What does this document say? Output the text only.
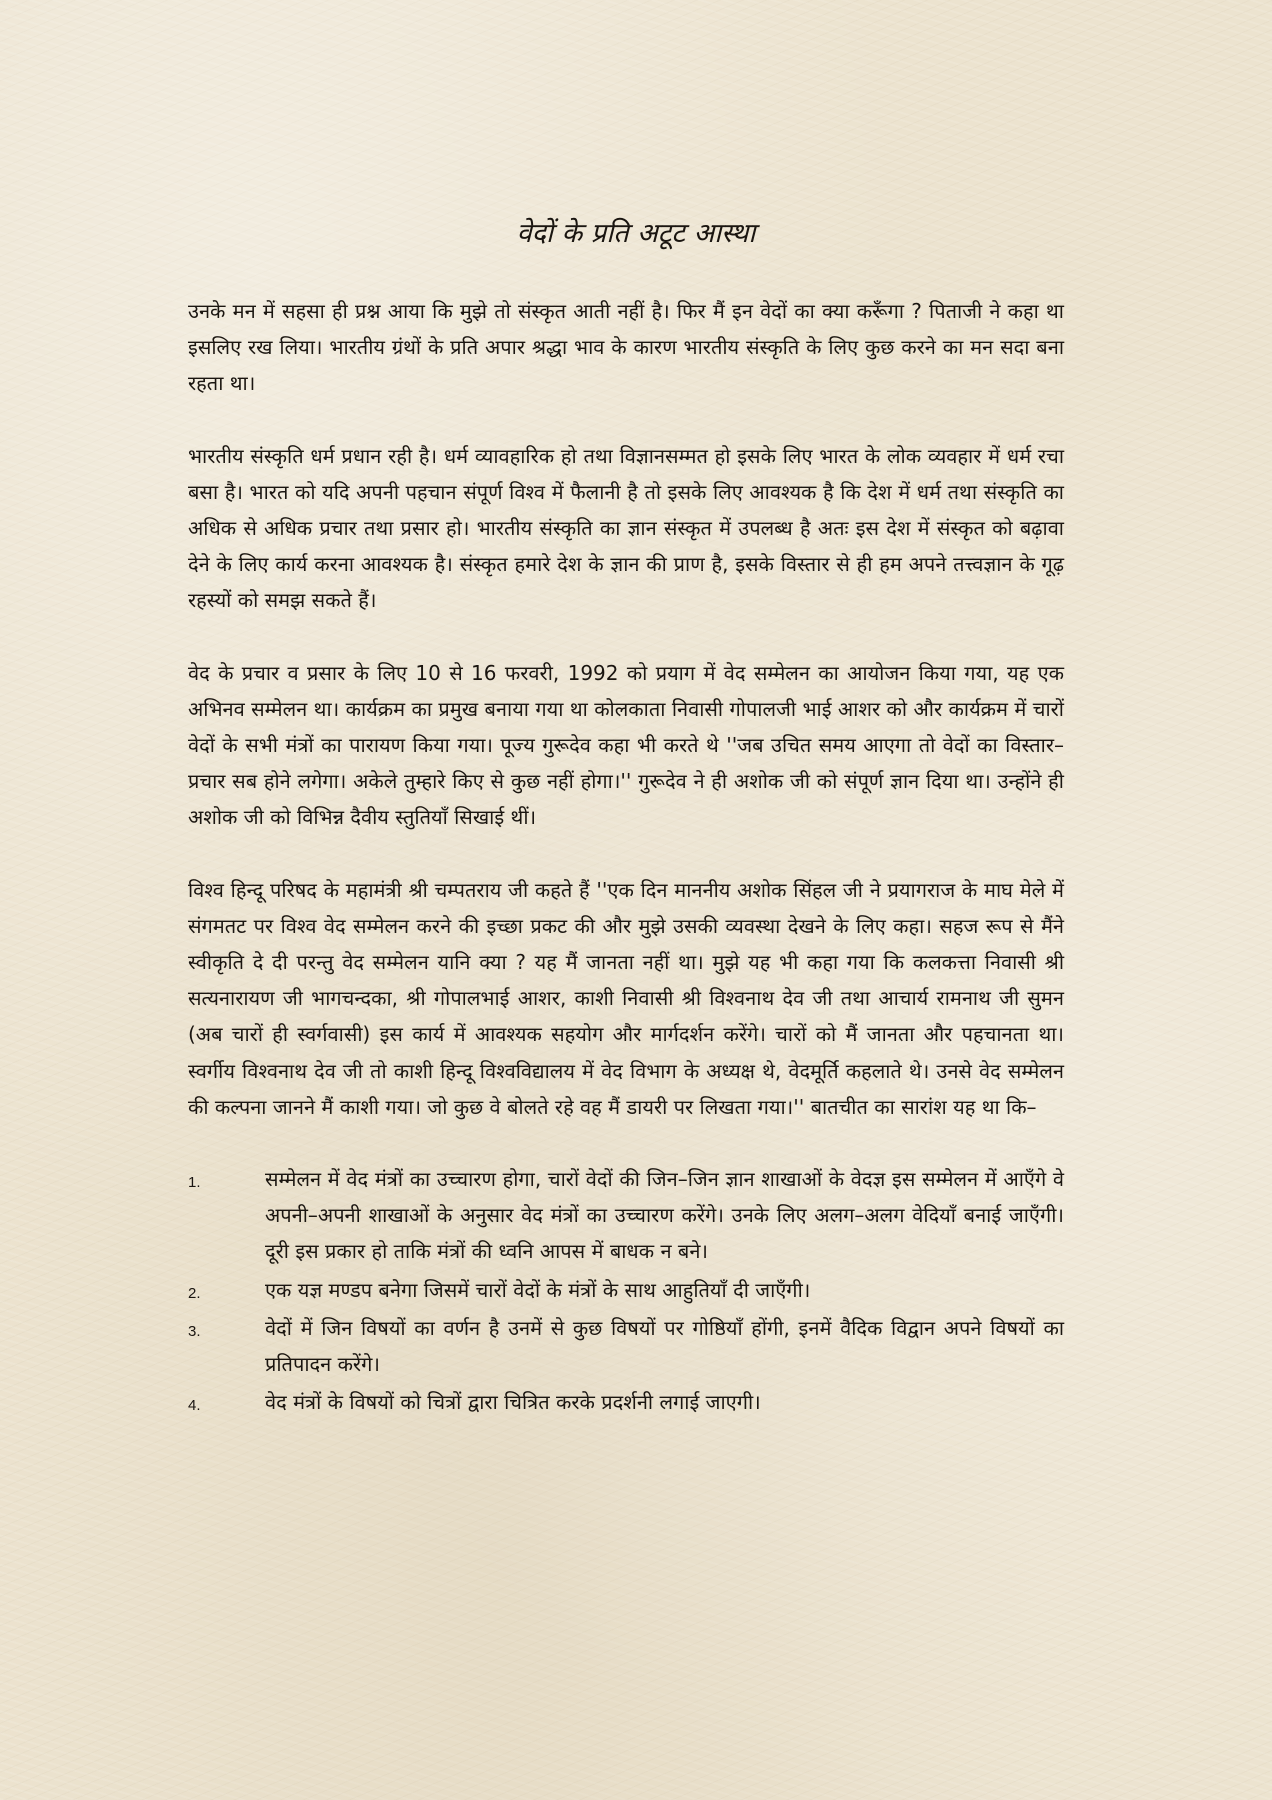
वेदों के प्रति अटूट आस्था

उनके मन में सहसा ही प्रश्न आया कि मुझे तो संस्कृत आती नहीं है। फिर मैं इन वेदों का क्या करूँगा ? पिताजी ने कहा था इसलिए रख लिया। भारतीय ग्रंथों के प्रति अपार श्रद्धा भाव के कारण भारतीय संस्कृति के लिए कुछ करने का मन सदा बना रहता था।

भारतीय संस्कृति धर्म प्रधान रही है। धर्म व्यावहारिक हो तथा विज्ञानसम्मत हो इसके लिए भारत के लोक व्यवहार में धर्म रचा बसा है। भारत को यदि अपनी पहचान संपूर्ण विश्व में फैलानी है तो इसके लिए आवश्यक है कि देश में धर्म तथा संस्कृति का अधिक से अधिक प्रचार तथा प्रसार हो। भारतीय संस्कृति का ज्ञान संस्कृत में उपलब्ध है अतः इस देश में संस्कृत को बढ़ावा देने के लिए कार्य करना आवश्यक है। संस्कृत हमारे देश के ज्ञान की प्राण है, इसके विस्तार से ही हम अपने तत्त्वज्ञान के गूढ़ रहस्यों को समझ सकते हैं।

वेद के प्रचार व प्रसार के लिए 10 से 16 फरवरी, 1992 को प्रयाग में वेद सम्मेलन का आयोजन किया गया, यह एक अभिनव सम्मेलन था। कार्यक्रम का प्रमुख बनाया गया था कोलकाता निवासी गोपालजी भाई आशर को और कार्यक्रम में चारों वेदों के सभी मंत्रों का पारायण किया गया। पूज्य गुरूदेव कहा भी करते थे ''जब उचित समय आएगा तो वेदों का विस्तार–प्रचार सब होने लगेगा। अकेले तुम्हारे किए से कुछ नहीं होगा।'' गुरूदेव ने ही अशोक जी को संपूर्ण ज्ञान दिया था। उन्होंने ही अशोक जी को विभिन्न दैवीय स्तुतियाँ सिखाई थीं।

विश्व हिन्दू परिषद के महामंत्री श्री चम्पतराय जी कहते हैं ''एक दिन माननीय अशोक सिंहल जी ने प्रयागराज के माघ मेले में संगमतट पर विश्व वेद सम्मेलन करने की इच्छा प्रकट की और मुझे उसकी व्यवस्था देखने के लिए कहा। सहज रूप से मैंने स्वीकृति दे दी परन्तु वेद सम्मेलन यानि क्या ? यह मैं जानता नहीं था। मुझे यह भी कहा गया कि कलकत्ता निवासी श्री सत्यनारायण जी भागचन्दका, श्री गोपालभाई आशर, काशी निवासी श्री विश्वनाथ देव जी तथा आचार्य रामनाथ जी सुमन (अब चारों ही स्वर्गवासी) इस कार्य में आवश्यक सहयोग और मार्गदर्शन करेंगे। चारों को मैं जानता और पहचानता था। स्वर्गीय विश्वनाथ देव जी तो काशी हिन्दू विश्वविद्यालय में वेद विभाग के अध्यक्ष थे, वेदमूर्ति कहलाते थे। उनसे वेद सम्मेलन की कल्पना जानने मैं काशी गया। जो कुछ वे बोलते रहे वह मैं डायरी पर लिखता गया।'' बातचीत का सारांश यह था कि–

1.	सम्मेलन में वेद मंत्रों का उच्चारण होगा, चारों वेदों की जिन–जिन ज्ञान शाखाओं के वेदज्ञ इस सम्मेलन में आएँगे वे अपनी–अपनी शाखाओं के अनुसार वेद मंत्रों का उच्चारण करेंगे। उनके लिए अलग–अलग वेदियाँ बनाई जाएँगी। दूरी इस प्रकार हो ताकि मंत्रों की ध्वनि आपस में बाधक न बने।
2.	एक यज्ञ मण्डप बनेगा जिसमें चारों वेदों के मंत्रों के साथ आहुतियाँ दी जाएँगी।
3.	वेदों में जिन विषयों का वर्णन है उनमें से कुछ विषयों पर गोष्ठियाँ होंगी, इनमें वैदिक विद्वान अपने विषयों का प्रतिपादन करेंगे।
4.	वेद मंत्रों के विषयों को चित्रों द्वारा चित्रित करके प्रदर्शनी लगाई जाएगी।
